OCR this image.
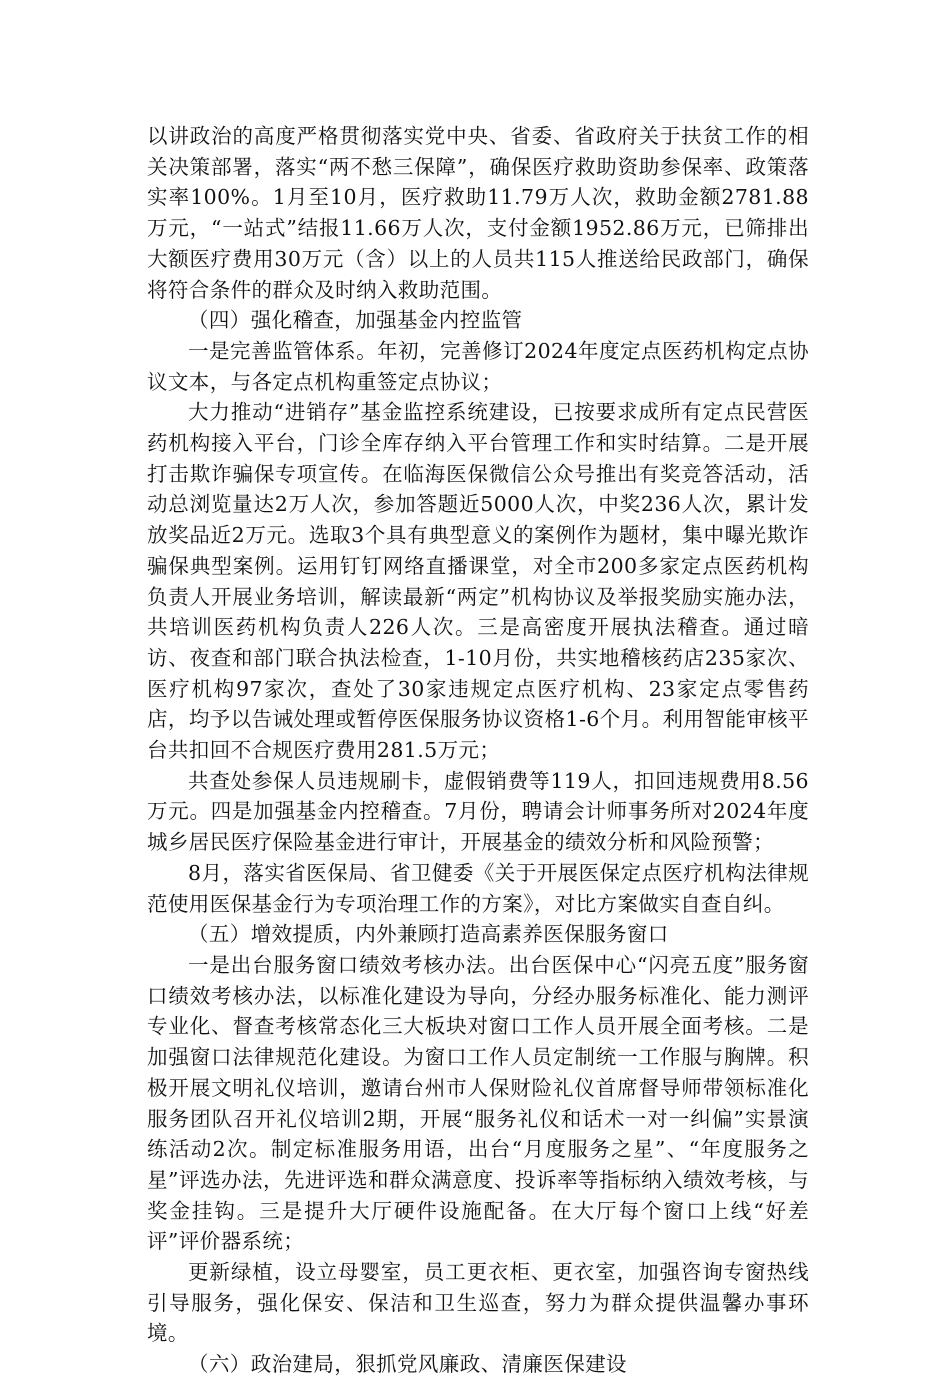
以讲政治的高度严格贯彻落实党中央、省委、省政府关于扶贫工作的相关决策部署，落实“两不愁三保障”，确保医疗救助资助参保率、政策落实率100%。1月至10月，医疗救助11.79万人次，救助金额2781.88万元，“一站式”结报11.66万人次，支付金额1952.86万元，已筛排出大额医疗费用30万元（含）以上的人员共115人推送给民政部门，确保将符合条件的群众及时纳入救助范围。

（四）强化稽查，加强基金内控监管

一是完善监管体系。年初，完善修订2024年度定点医药机构定点协议文本，与各定点机构重签定点协议；

大力推动“进销存”基金监控系统建设，已按要求成所有定点民营医药机构接入平台，门诊全库存纳入平台管理工作和实时结算。二是开展打击欺诈骗保专项宣传。在临海医保微信公众号推出有奖竞答活动，活动总浏览量达2万人次，参加答题近5000人次，中奖236人次，累计发放奖品近2万元。选取3个具有典型意义的案例作为题材，集中曝光欺诈骗保典型案例。运用钉钉网络直播课堂，对全市200多家定点医药机构负责人开展业务培训，解读最新“两定”机构协议及举报奖励实施办法，共培训医药机构负责人226人次。三是高密度开展执法稽查。通过暗访、夜查和部门联合执法检查，1-10月份，共实地稽核药店235家次、医疗机构97家次，查处了30家违规定点医疗机构、23家定点零售药店，均予以告诫处理或暂停医保服务协议资格1-6个月。利用智能审核平台共扣回不合规医疗费用281.5万元；

共查处参保人员违规刷卡，虚假销费等119人，扣回违规费用8.56万元。四是加强基金内控稽查。7月份，聘请会计师事务所对2024年度城乡居民医疗保险基金进行审计，开展基金的绩效分析和风险预警；

8月，落实省医保局、省卫健委《关于开展医保定点医疗机构法律规范使用医保基金行为专项治理工作的方案》，对比方案做实自查自纠。

（五）增效提质，内外兼顾打造高素养医保服务窗口

一是出台服务窗口绩效考核办法。出台医保中心“闪亮五度”服务窗口绩效考核办法，以标准化建设为导向，分经办服务标准化、能力测评专业化、督查考核常态化三大板块对窗口工作人员开展全面考核。二是加强窗口法律规范化建设。为窗口工作人员定制统一工作服与胸牌。积极开展文明礼仪培训，邀请台州市人保财险礼仪首席督导师带领标准化服务团队召开礼仪培训2期，开展“服务礼仪和话术一对一纠偏”实景演练活动2次。制定标准服务用语，出台“月度服务之星”、“年度服务之星”评选办法，先进评选和群众满意度、投诉率等指标纳入绩效考核，与奖金挂钩。三是提升大厅硬件设施配备。在大厅每个窗口上线“好差评”评价器系统；

更新绿植，设立母婴室，员工更衣柜、更衣室，加强咨询专窗热线引导服务，强化保安、保洁和卫生巡查，努力为群众提供温馨办事环境。

（六）政治建局，狠抓党风廉政、清廉医保建设
